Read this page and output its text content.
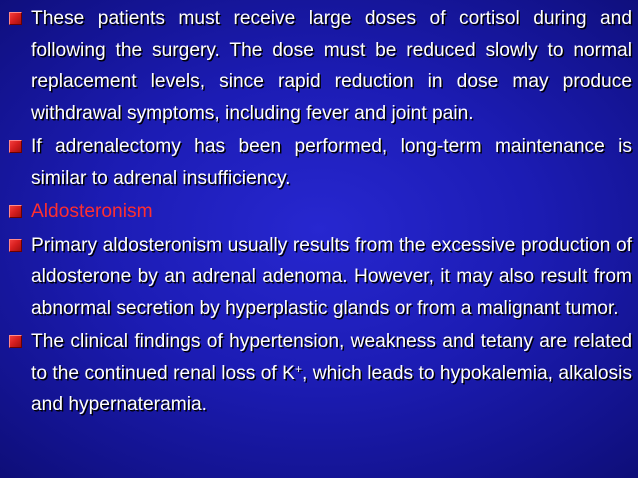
These patients must receive large doses of cortisol during and following the surgery. The dose must be reduced slowly to normal replacement levels, since rapid reduction in dose may produce withdrawal symptoms, including fever and joint pain.
If adrenalectomy has been performed, long-term maintenance is similar to adrenal insufficiency.
Aldosteronism
Primary aldosteronism usually results from the excessive production of aldosterone by an adrenal adenoma. However, it may also result from abnormal secretion by hyperplastic glands or from a malignant tumor.
The clinical findings of hypertension, weakness and tetany are related to the continued renal loss of K+, which leads to hypokalemia, alkalosis and hypernateramia.
